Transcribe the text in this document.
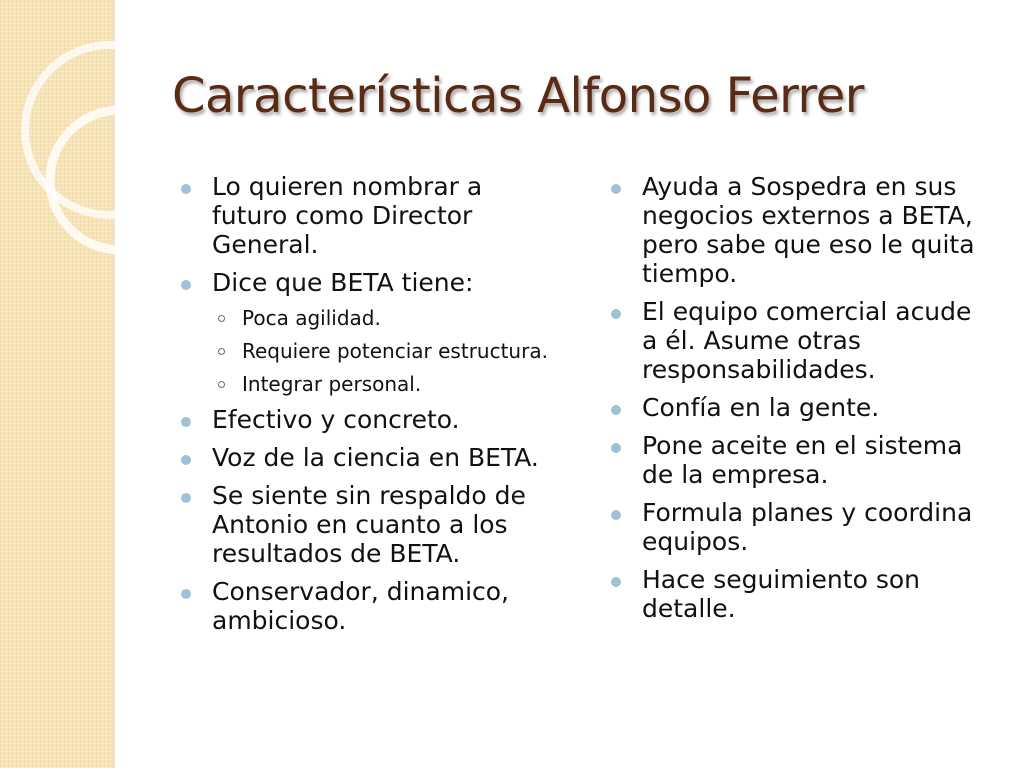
Características Alfonso Ferrer
Lo quieren nombrar a futuro como Director General.
Dice que BETA tiene:
Poca agilidad.
Requiere potenciar estructura.
Integrar personal.
Efectivo y concreto.
Voz de la ciencia en BETA.
Se siente sin respaldo de Antonio en cuanto a los resultados de BETA.
Conservador, dinamico, ambicioso.
Ayuda a Sospedra en sus negocios externos a BETA, pero sabe que eso le quita tiempo.
El equipo comercial acude a él. Asume otras responsabilidades.
Confía en la gente.
Pone aceite en el sistema de la empresa.
Formula planes y coordina equipos.
Hace seguimiento son detalle.
